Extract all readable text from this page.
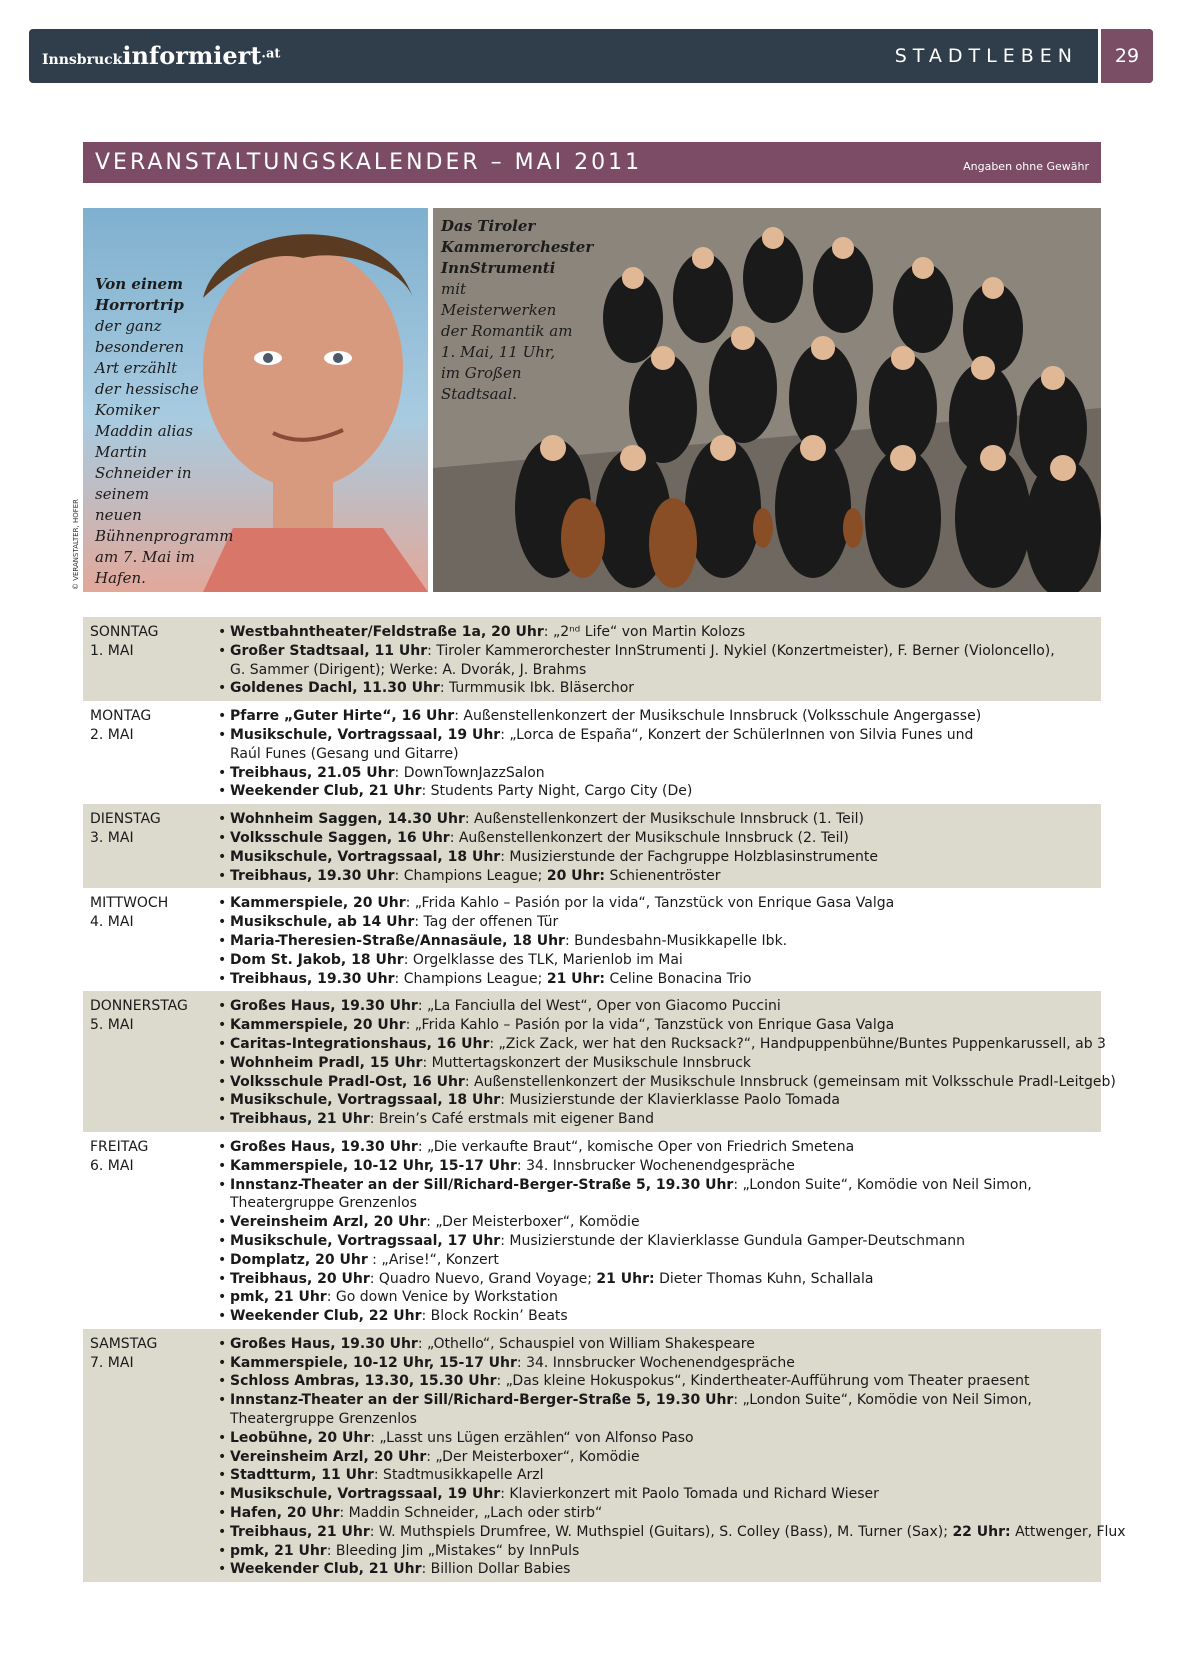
Innsbruckinformiert$^{.at}$	STADTLEBEN	29
VERANSTALTUNGSKALENDER – MAI 2011	Angaben ohne Gewähr
Von einem Horrortrip der ganz besonderen Art erzählt der hessische Komiker Maddin alias Martin Schneider in seinem neuen Bühnenprogramm am 7. Mai im Hafen.
Das Tiroler Kammerorchester InnStrumenti mit Meisterwerken der Romantik am 1. Mai, 11 Uhr, im Großen Stadtsaal.
© VERANSTALTER, HOFER
SONNTAG
1. MAI
• Westbahntheater/Feldstraße 1a, 20 Uhr: „2ⁿᵈ Life“ von Martin Kolozs
• Großer Stadtsaal, 11 Uhr: Tiroler Kammerorchester InnStrumenti J. Nykiel (Konzertmeister), F. Berner (Violoncello),
G. Sammer (Dirigent); Werke: A. Dvorák, J. Brahms
• Goldenes Dachl, 11.30 Uhr: Turmmusik Ibk. Bläserchor
MONTAG
2. MAI
• Pfarre „Guter Hirte“, 16 Uhr: Außenstellenkonzert der Musikschule Innsbruck (Volksschule Angergasse)
• Musikschule, Vortragssaal, 19 Uhr: „Lorca de España“, Konzert der SchülerInnen von Silvia Funes und
Raúl Funes (Gesang und Gitarre)
• Treibhaus, 21.05 Uhr: DownTownJazzSalon
• Weekender Club, 21 Uhr: Students Party Night, Cargo City (De)
DIENSTAG
3. MAI
• Wohnheim Saggen, 14.30 Uhr: Außenstellenkonzert der Musikschule Innsbruck (1. Teil)
• Volksschule Saggen, 16 Uhr: Außenstellenkonzert der Musikschule Innsbruck (2. Teil)
• Musikschule, Vortragssaal, 18 Uhr: Musizierstunde der Fachgruppe Holzblasinstrumente
• Treibhaus, 19.30 Uhr: Champions League; 20 Uhr: Schienentröster
MITTWOCH
4. MAI
• Kammerspiele, 20 Uhr: „Frida Kahlo – Pasión por la vida“, Tanzstück von Enrique Gasa Valga
• Musikschule, ab 14 Uhr: Tag der offenen Tür
• Maria-Theresien-Straße/Annasäule, 18 Uhr: Bundesbahn-Musikkapelle Ibk.
• Dom St. Jakob, 18 Uhr: Orgelklasse des TLK, Marienlob im Mai
• Treibhaus, 19.30 Uhr: Champions League; 21 Uhr: Celine Bonacina Trio
DONNERSTAG
5. MAI
• Großes Haus, 19.30 Uhr: „La Fanciulla del West“, Oper von Giacomo Puccini
• Kammerspiele, 20 Uhr: „Frida Kahlo – Pasión por la vida“, Tanzstück von Enrique Gasa Valga
• Caritas-Integrationshaus, 16 Uhr: „Zick Zack, wer hat den Rucksack?“, Handpuppenbühne/Buntes Puppenkarussell, ab 3
• Wohnheim Pradl, 15 Uhr: Muttertagskonzert der Musikschule Innsbruck
• Volksschule Pradl-Ost, 16 Uhr: Außenstellenkonzert der Musikschule Innsbruck (gemeinsam mit Volksschule Pradl-Leitgeb)
• Musikschule, Vortragssaal, 18 Uhr: Musizierstunde der Klavierklasse Paolo Tomada
• Treibhaus, 21 Uhr: Brein’s Café erstmals mit eigener Band
FREITAG
6. MAI
• Großes Haus, 19.30 Uhr: „Die verkaufte Braut“, komische Oper von Friedrich Smetena
• Kammerspiele, 10-12 Uhr, 15-17 Uhr: 34. Innsbrucker Wochenendgespräche
• Innstanz-Theater an der Sill/Richard-Berger-Straße 5, 19.30 Uhr: „London Suite“, Komödie von Neil Simon,
Theatergruppe Grenzenlos
• Vereinsheim Arzl, 20 Uhr: „Der Meisterboxer“, Komödie
• Musikschule, Vortragssaal, 17 Uhr: Musizierstunde der Klavierklasse Gundula Gamper-Deutschmann
• Domplatz, 20 Uhr : „Arise!“, Konzert
• Treibhaus, 20 Uhr: Quadro Nuevo, Grand Voyage; 21 Uhr: Dieter Thomas Kuhn, Schallala
• pmk, 21 Uhr: Go down Venice by Workstation
• Weekender Club, 22 Uhr: Block Rockin’ Beats
SAMSTAG
7. MAI
• Großes Haus, 19.30 Uhr: „Othello“, Schauspiel von William Shakespeare
• Kammerspiele, 10-12 Uhr, 15-17 Uhr: 34. Innsbrucker Wochenendgespräche
• Schloss Ambras, 13.30, 15.30 Uhr: „Das kleine Hokuspokus“, Kindertheater-Aufführung vom Theater praesent
• Innstanz-Theater an der Sill/Richard-Berger-Straße 5, 19.30 Uhr: „London Suite“, Komödie von Neil Simon,
Theatergruppe Grenzenlos
• Leobühne, 20 Uhr: „Lasst uns Lügen erzählen“ von Alfonso Paso
• Vereinsheim Arzl, 20 Uhr: „Der Meisterboxer“, Komödie
• Stadtturm, 11 Uhr: Stadtmusikkapelle Arzl
• Musikschule, Vortragssaal, 19 Uhr: Klavierkonzert mit Paolo Tomada und Richard Wieser
• Hafen, 20 Uhr: Maddin Schneider, „Lach oder stirb“
• Treibhaus, 21 Uhr: W. Muthspiels Drumfree, W. Muthspiel (Guitars), S. Colley (Bass), M. Turner (Sax); 22 Uhr: Attwenger, Flux
• pmk, 21 Uhr: Bleeding Jim „Mistakes“ by InnPuls
• Weekender Club, 21 Uhr: Billion Dollar Babies
